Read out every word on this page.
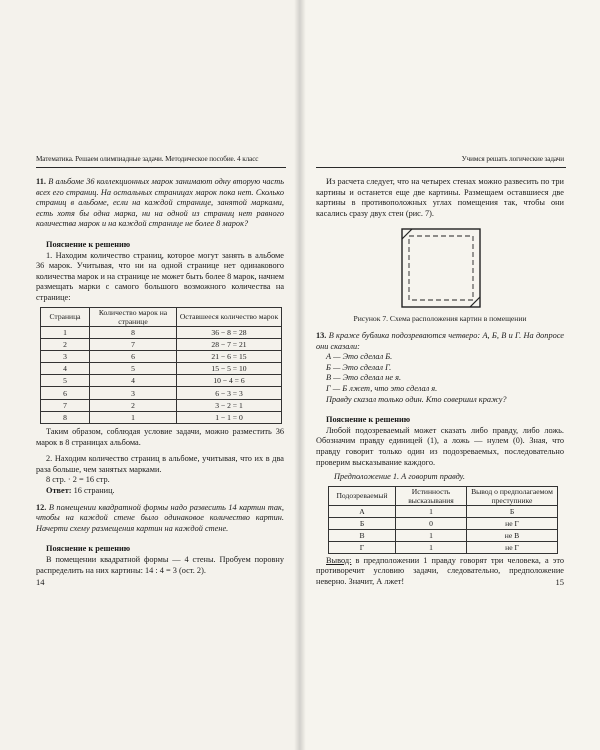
Математика. Решаем олимпиадные задачи. Методическое пособие. 4 класс	Учимся решать логические задачи

11. В альбоме 36 коллекционных марок занимают одну вторую часть всех его страниц. На остальных страницах марок пока нет. Сколько страниц в альбоме, если на каждой странице, занятой марками, есть хотя бы одна марка, ни на одной из страниц нет равного количества марок и на каждой странице не более 8 марок?

Пояснение к решению

1. Находим количество страниц, которое могут занять в альбоме 36 марок. Учитывая, что ни на одной странице нет одинакового количества марок и на странице не может быть более 8 марок, начнем размещать марки с самого большого возможного количества на странице:

Страница	Количество марок на странице	Оставшееся количество марок
1	8	36 − 8 = 28
2	7	28 − 7 = 21
3	6	21 − 6 = 15
4	5	15 − 5 = 10
5	4	10 − 4 = 6
6	3	6 − 3 = 3
7	2	3 − 2 = 1
8	1	1 − 1 = 0

Таким образом, соблюдая условие задачи, можно разместить 36 марок в 8 страницах альбома.

2. Находим количество страниц в альбоме, учитывая, что их в два раза больше, чем занятых марками.

8 стр. · 2 = 16 стр.

Ответ: 16 страниц.

12. В помещении квадратной формы надо развесить 14 картин так, чтобы на каждой стене было одинаковое количество картин. Начерти схему размещения картин на каждой стене.

Пояснение к решению

В помещении квадратной формы — 4 стены. Пробуем поровну распределить на них картины: 14 : 4 = 3 (ост. 2).

14

Из расчета следует, что на четырех стенах можно развесить по три картины и останется еще две картины. Размещаем оставшиеся две картины в противоположных углах помещения так, чтобы они касались сразу двух стен (рис. 7).

Рисунок 7. Схема расположения картин в помещении

13. В краже бублика подозреваются четверо: А, Б, В и Г. На допросе они сказали:

А — Это сделал Б.

Б — Это сделал Г.

В — Это сделал не я.

Г — Б лжет, что это сделал я.

Правду сказал только один. Кто совершил кражу?

Пояснение к решению

Любой подозреваемый может сказать либо правду, либо ложь. Обозначим правду единицей (1), а ложь — нулем (0). Зная, что правду говорит только один из подозреваемых, последовательно проверим высказывание каждого.

Предположение 1. А говорит правду.

Подозреваемый	Истинность высказывания	Вывод о предполагаемом преступнике
А	1	Б
Б	0	не Г
В	1	не В
Г	1	не Г

Вывод: в предположении 1 правду говорят три человека, а это противоречит условию задачи, следовательно, предположение неверно. Значит, А лжет!	15
